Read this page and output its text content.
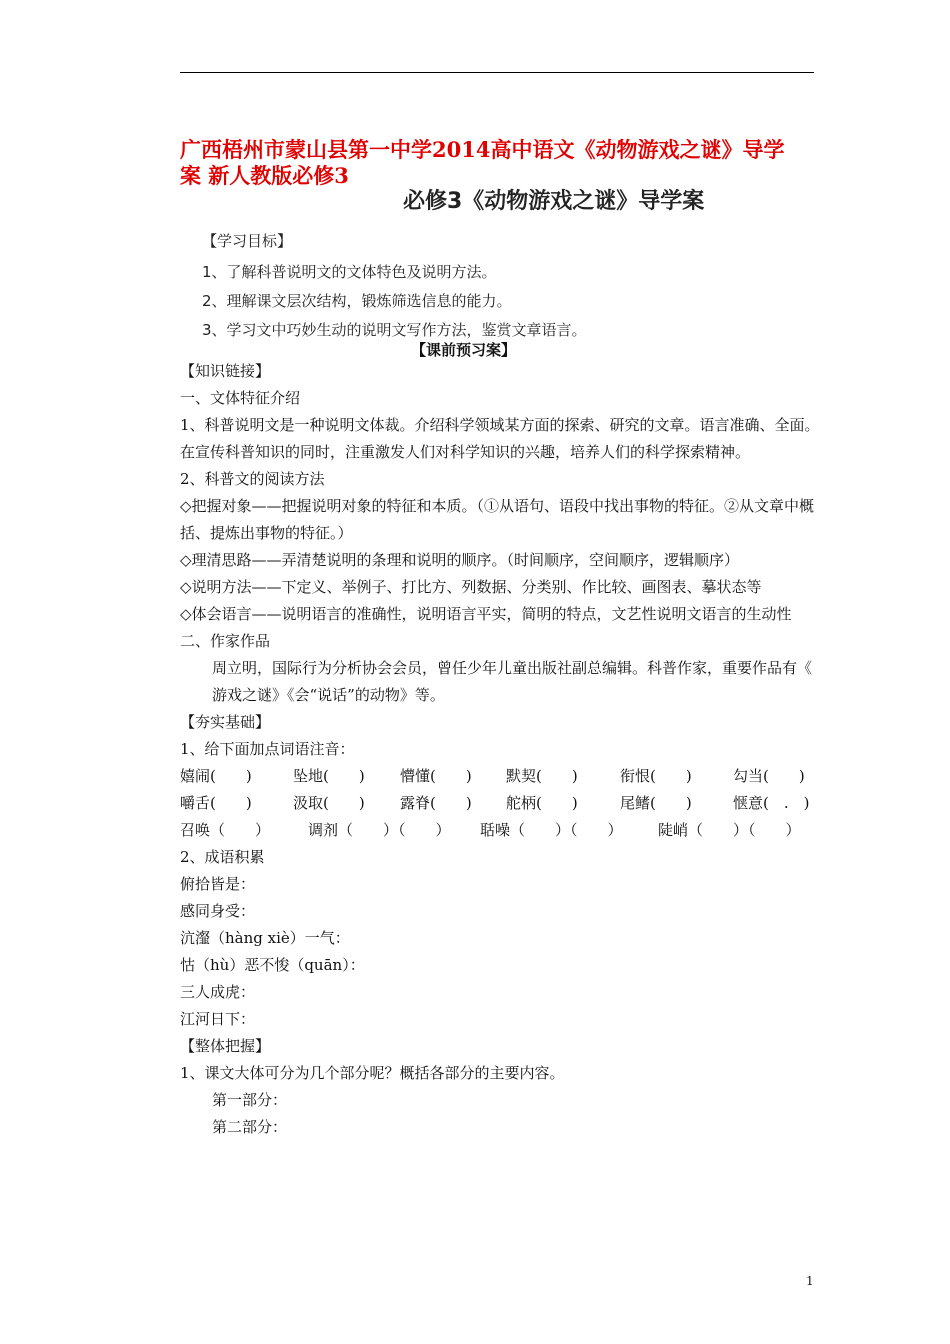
广西梧州市蒙山县第一中学2014高中语文《动物游戏之谜》导学
案 新人教版必修3
必修3《动物游戏之谜》导学案
【学习目标】
1、了解科普说明文的文体特色及说明方法。
2、理解课文层次结构，锻炼筛选信息的能力。
3、学习文中巧妙生动的说明文写作方法，鉴赏文章语言。
【课前预习案】
【知识链接】
一、文体特征介绍
1、科普说明文是一种说明文体裁。介绍科学领域某方面的探索、研究的文章。语言准确、全面。在宣传科普知识的同时，注重激发人们对科学知识的兴趣，培养人们的科学探索精神。
2、科普文的阅读方法
◇把握对象——把握说明对象的特征和本质。（①从语句、语段中找出事物的特征。②从文章中概括、提炼出事物的特征。）
◇理清思路——弄清楚说明的条理和说明的顺序。（时间顺序，空间顺序，逻辑顺序）
◇说明方法——下定义、举例子、打比方、列数据、分类别、作比较、画图表、摹状态等
◇体会语言——说明语言的准确性，说明语言平实，简明的特点，文艺性说明文语言的生动性
二、作家作品
周立明，国际行为分析协会会员，曾任少年儿童出版社副总编辑。科普作家，重要作品有《 游戏之谜》《会“说话”的动物》等。
【夯实基础】
1、给下面加点词语注音：
嬉闹(　　)	坠地(　　) 懵懂(　　) 默契(　　)	衔恨(　　)	勾当(　　)
嚼舌(　　)	汲取(　　) 露脊(　　) 舵柄(　　)	尾鳍(　　)	惬意(　.　)
召唤（　　）	调剂（　　）（　　） 聒噪（　　）（　　） 陡峭（　　）（　　）
2、成语积累
俯拾皆是：
感同身受：
沆瀣（hàng xiè）一气：
怙（hù）恶不悛（quān）：
三人成虎：
江河日下：
【整体把握】
1、课文大体可分为几个部分呢？概括各部分的主要内容。
第一部分：
第二部分：
1
